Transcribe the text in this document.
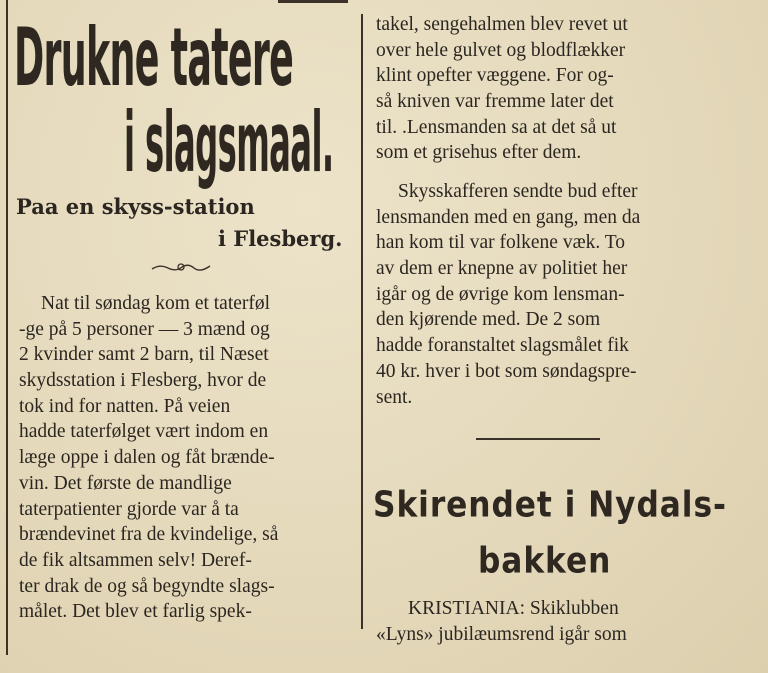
Drukne tatere
i slagsmaal.
Paa en skyss-station
i Flesberg.
Nat til søndag kom et taterføl
-ge på 5 personer — 3 mænd og
2 kvinder samt 2 barn, til Næset
skydsstation i Flesberg, hvor de
tok ind for natten. På veien
hadde taterfølget vært indom en
læge oppe i dalen og fåt brænde-
vin. Det første de mandlige
taterpatienter gjorde var å ta
brændevinet fra de kvindelige, så
de fik altsammen selv! Deref-
ter drak de og så begyndte slags-
målet. Det blev et farlig spek-
takel, sengehalmen blev revet ut
over hele gulvet og blodflækker
klint opefter væggene. For og-
så kniven var fremme later det
til. .Lensmanden sa at det så ut
som et grisehus efter dem.
Skysskafferen sendte bud efter
lensmanden med en gang, men da
han kom til var folkene væk. To
av dem er knepne av politiet her
igår og de øvrige kom lensman-
den kjørende med. De 2 som
hadde foranstaltet slagsmålet fik
40 kr. hver i bot som søndagspre-
sent.
Skirendet i Nydals-
bakken
KRISTIANIA: Skiklubben
«Lyns» jubilæumsrend igår som
